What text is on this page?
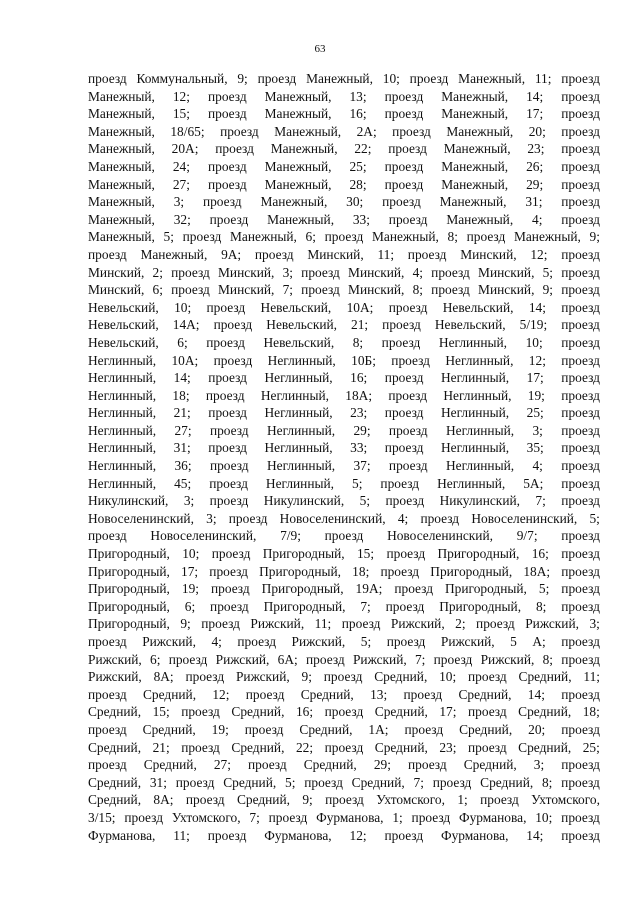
63
проезд Коммунальный, 9; проезд Манежный, 10; проезд Манежный, 11; проезд
Манежный, 12; проезд Манежный, 13; проезд Манежный, 14; проезд
Манежный, 15; проезд Манежный, 16; проезд Манежный, 17; проезд
Манежный, 18/65; проезд Манежный, 2А; проезд Манежный, 20; проезд
Манежный, 20А; проезд Манежный, 22; проезд Манежный, 23; проезд
Манежный, 24; проезд Манежный, 25; проезд Манежный, 26; проезд
Манежный, 27; проезд Манежный, 28; проезд Манежный, 29; проезд
Манежный, 3; проезд Манежный, 30; проезд Манежный, 31; проезд
Манежный, 32; проезд Манежный, 33; проезд Манежный, 4; проезд
Манежный, 5; проезд Манежный, 6; проезд Манежный, 8; проезд Манежный, 9;
проезд Манежный, 9А; проезд Минский, 11; проезд Минский, 12; проезд
Минский, 2; проезд Минский, 3; проезд Минский, 4; проезд Минский, 5; проезд
Минский, 6; проезд Минский, 7; проезд Минский, 8; проезд Минский, 9; проезд
Невельский, 10; проезд Невельский, 10А; проезд Невельский, 14; проезд
Невельский, 14А; проезд Невельский, 21; проезд Невельский, 5/19; проезд
Невельский, 6; проезд Невельский, 8; проезд Неглинный, 10; проезд
Неглинный, 10А; проезд Неглинный, 10Б; проезд Неглинный, 12; проезд
Неглинный, 14; проезд Неглинный, 16; проезд Неглинный, 17; проезд
Неглинный, 18; проезд Неглинный, 18А; проезд Неглинный, 19; проезд
Неглинный, 21; проезд Неглинный, 23; проезд Неглинный, 25; проезд
Неглинный, 27; проезд Неглинный, 29; проезд Неглинный, 3; проезд
Неглинный, 31; проезд Неглинный, 33; проезд Неглинный, 35; проезд
Неглинный, 36; проезд Неглинный, 37; проезд Неглинный, 4; проезд
Неглинный, 45; проезд Неглинный, 5; проезд Неглинный, 5А; проезд
Никулинский, 3; проезд Никулинский, 5; проезд Никулинский, 7; проезд
Новоселенинский, 3; проезд Новоселенинский, 4; проезд Новоселенинский, 5;
проезд Новоселенинский, 7/9; проезд Новоселенинский, 9/7; проезд
Пригородный, 10; проезд Пригородный, 15; проезд Пригородный, 16; проезд
Пригородный, 17; проезд Пригородный, 18; проезд Пригородный, 18А; проезд
Пригородный, 19; проезд Пригородный, 19А; проезд Пригородный, 5; проезд
Пригородный, 6; проезд Пригородный, 7; проезд Пригородный, 8; проезд
Пригородный, 9; проезд Рижский, 11; проезд Рижский, 2; проезд Рижский, 3;
проезд Рижский, 4; проезд Рижский, 5; проезд Рижский, 5 А; проезд
Рижский, 6; проезд Рижский, 6А; проезд Рижский, 7; проезд Рижский, 8; проезд
Рижский, 8А; проезд Рижский, 9; проезд Средний, 10; проезд Средний, 11;
проезд Средний, 12; проезд Средний, 13; проезд Средний, 14; проезд
Средний, 15; проезд Средний, 16; проезд Средний, 17; проезд Средний, 18;
проезд Средний, 19; проезд Средний, 1А; проезд Средний, 20; проезд
Средний, 21; проезд Средний, 22; проезд Средний, 23; проезд Средний, 25;
проезд Средний, 27; проезд Средний, 29; проезд Средний, 3; проезд
Средний, 31; проезд Средний, 5; проезд Средний, 7; проезд Средний, 8; проезд
Средний, 8А; проезд Средний, 9; проезд Ухтомского, 1; проезд Ухтомского,
3/15; проезд Ухтомского, 7; проезд Фурманова, 1; проезд Фурманова, 10; проезд
Фурманова, 11; проезд Фурманова, 12; проезд Фурманова, 14; проезд
